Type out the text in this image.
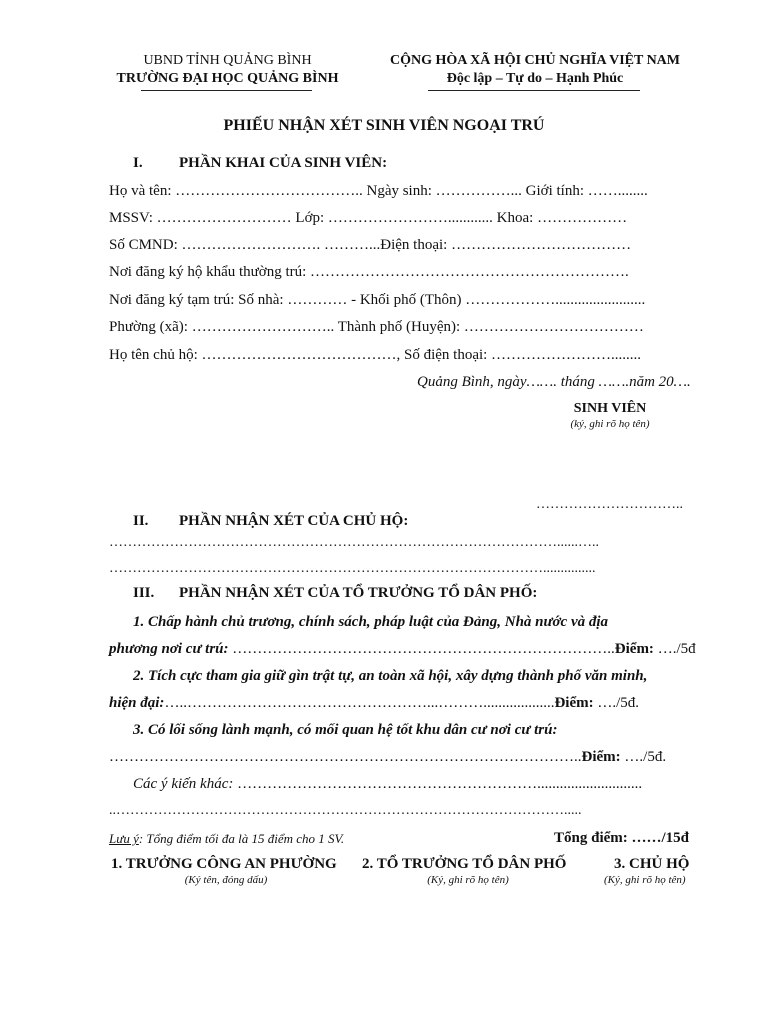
UBND TỈNH QUẢNG BÌNH
TRƯỜNG ĐẠI HỌC QUẢNG BÌNH
CỘNG HÒA XÃ HỘI CHỦ NGHĨA VIỆT NAM
Độc lập – Tự do – Hạnh Phúc
PHIẾU NHẬN XÉT SINH VIÊN NGOẠI TRÚ
I. PHẦN KHAI CỦA SINH VIÊN:
Họ và tên: ……………………………….. Ngày sinh: ……………... Giới tính: ……........
MSSV: ……………………… Lớp: ……………………............ Khoa: ………………
Số CMND: ………………………. ………...Điện thoại: ………………………………
Nơi đăng ký hộ khẩu thường trú: ……………………………………………………….
Nơi đăng ký tạm trú: Số nhà: ………… - Khối phố (Thôn) ………………........................
Phường (xã): ……………………….. Thành phố (Huyện): ………………………………
Họ tên chủ hộ: …………………………………, Số điện thoại: ……………………........
Quảng Bình, ngày……. tháng …….năm 20….
SINH VIÊN
(ký, ghi rõ họ tên)
…………………………..
II. PHẦN NHẬN XÉT CỦA CHỦ HỘ:
……………………………………………………………………………………......…..
…………………………………………………………………………………...............
III. PHẦN NHẬN XÉT CỦA TỔ TRƯỞNG TỔ DÂN PHỐ:
1. Chấp hành chủ trương, chính sách, pháp luật của Đảng, Nhà nước và địa
phương nơi cư trú: …………………………………………………………………..Điểm: …./5đ
2. Tích cực tham gia giữ gìn trật tự, an toàn xã hội, xây dựng thành phố văn minh,
hiện đại:…..…………………………………………...………...................Điểm: …./5đ.
3. Có lối sống lành mạnh, có mối quan hệ tốt khu dân cư nơi cư trú:
…………………………………………………………………………………..Điểm: …./5đ.
Các ý kiến khác: ……………………………………………………............................
..…………………………………………………………………………………….....
Lưu ý: Tổng điểm tối đa là 15 điểm cho 1 SV.	Tổng điểm: ……/15đ
1. TRƯỞNG CÔNG AN PHƯỜNG
(Ký tên, đóng dấu)
2. TỔ TRƯỞNG TỔ DÂN PHỐ
(Ký, ghi rõ họ tên)
3. CHỦ HỘ
(Ký, ghi rõ họ tên)
